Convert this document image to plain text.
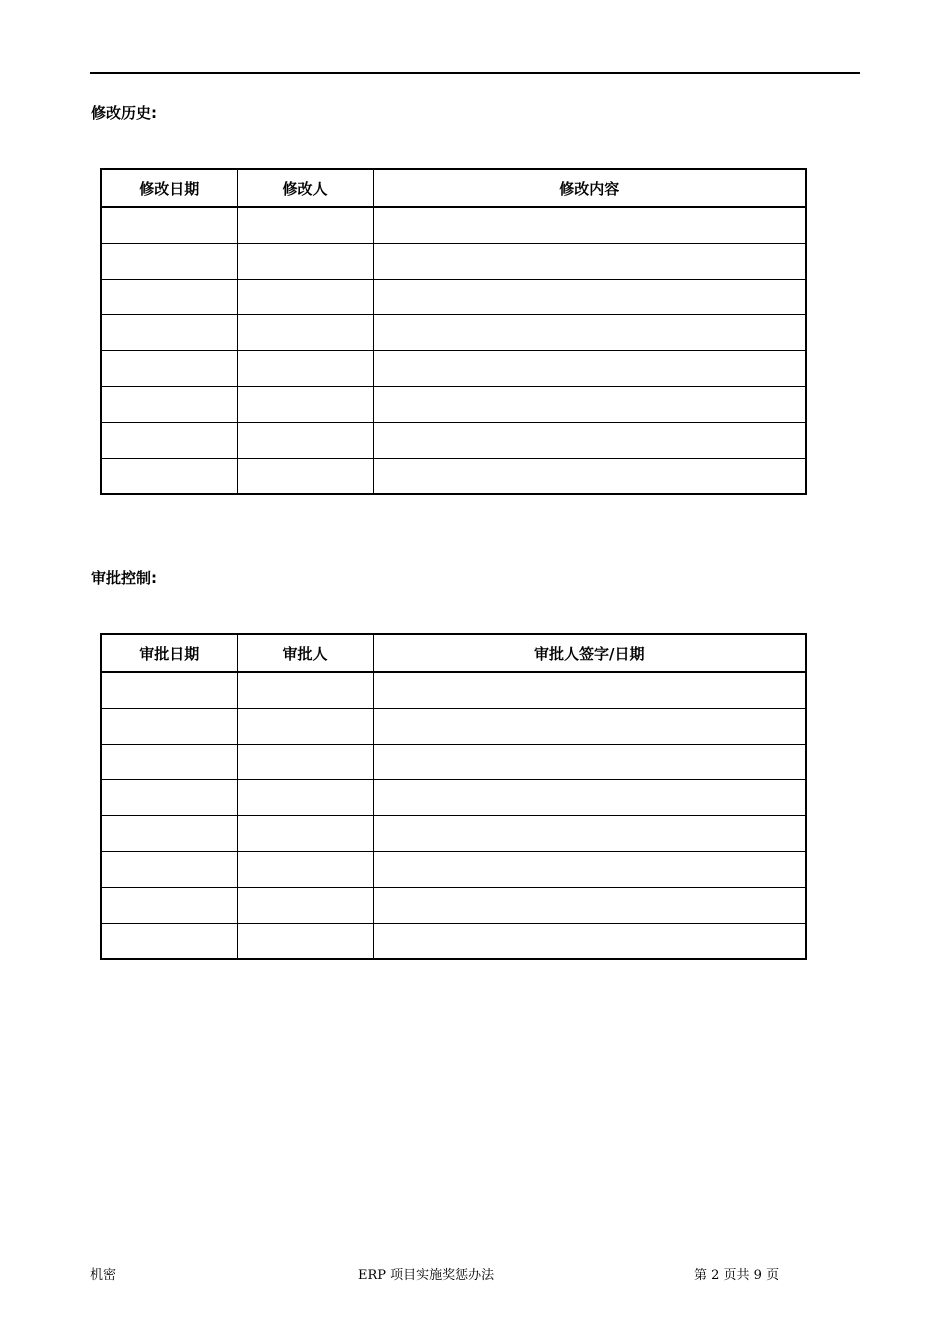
修改历史:
修改日期	修改人	修改内容

审批控制:
审批日期	审批人	审批人签字/日期

机密	ERP 项目实施奖惩办法	第 2 页共 9 页
